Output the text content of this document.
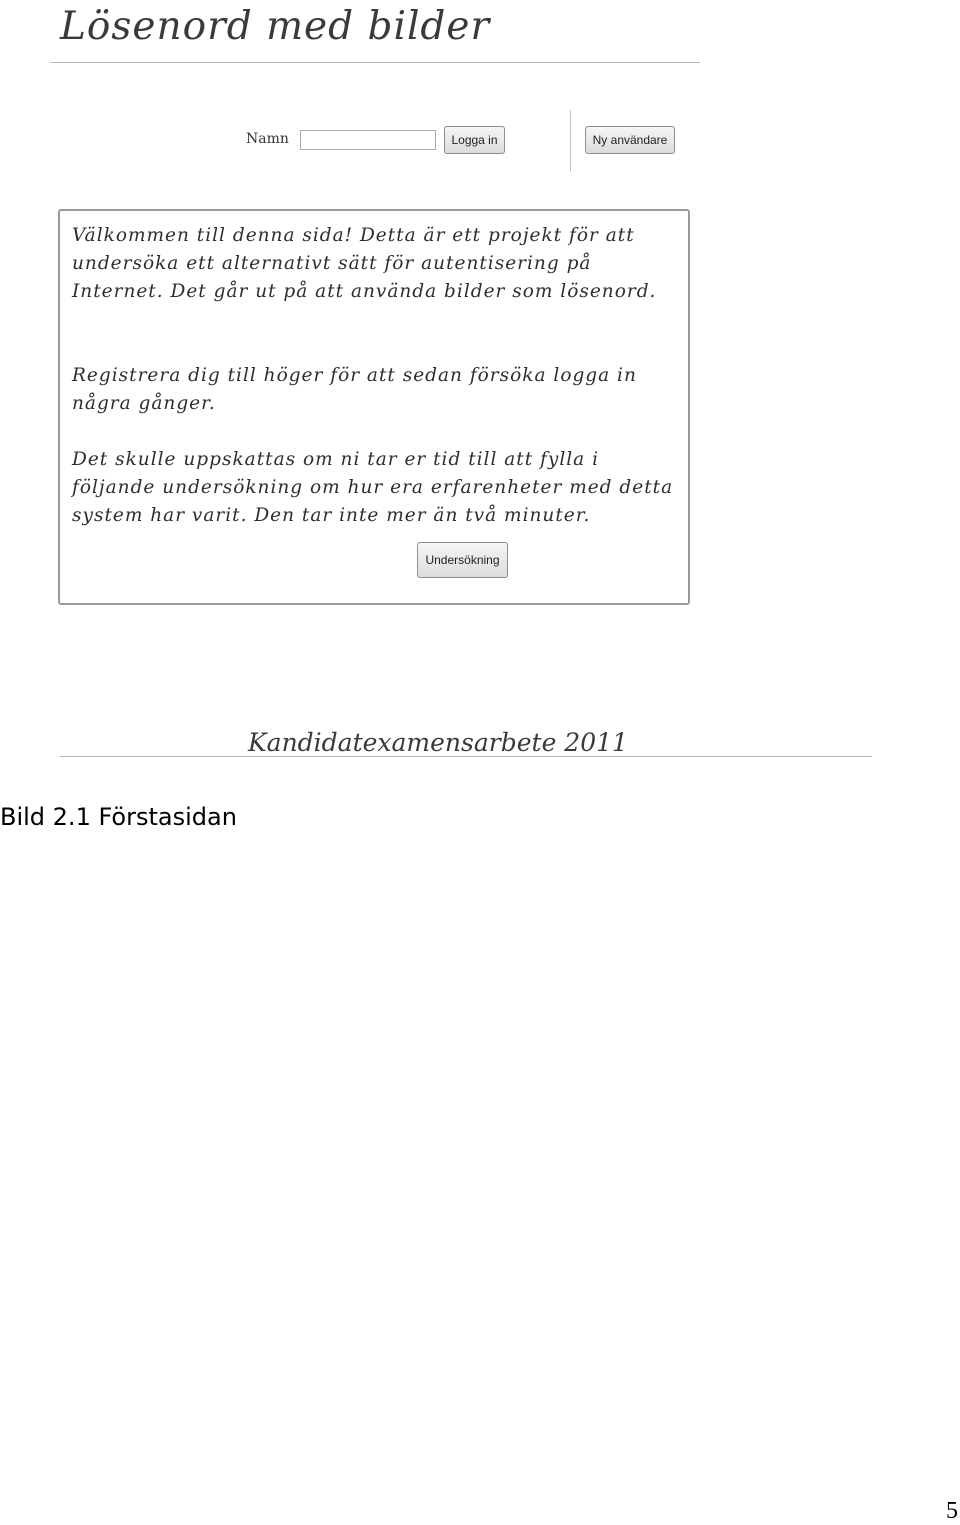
Lösenord med bilder
Namn	Logga in	Ny användare

Välkommen till denna sida! Detta är ett projekt för att undersöka ett alternativt sätt för autentisering på Internet. Det går ut på att använda bilder som lösenord.

Registrera dig till höger för att sedan försöka logga in några gånger.

Det skulle uppskattas om ni tar er tid till att fylla i följande undersökning om hur era erfarenheter med detta system har varit. Den tar inte mer än två minuter.

Undersökning
Kandidatexamensarbete 2011
Bild 2.1 Förstasidan
5
